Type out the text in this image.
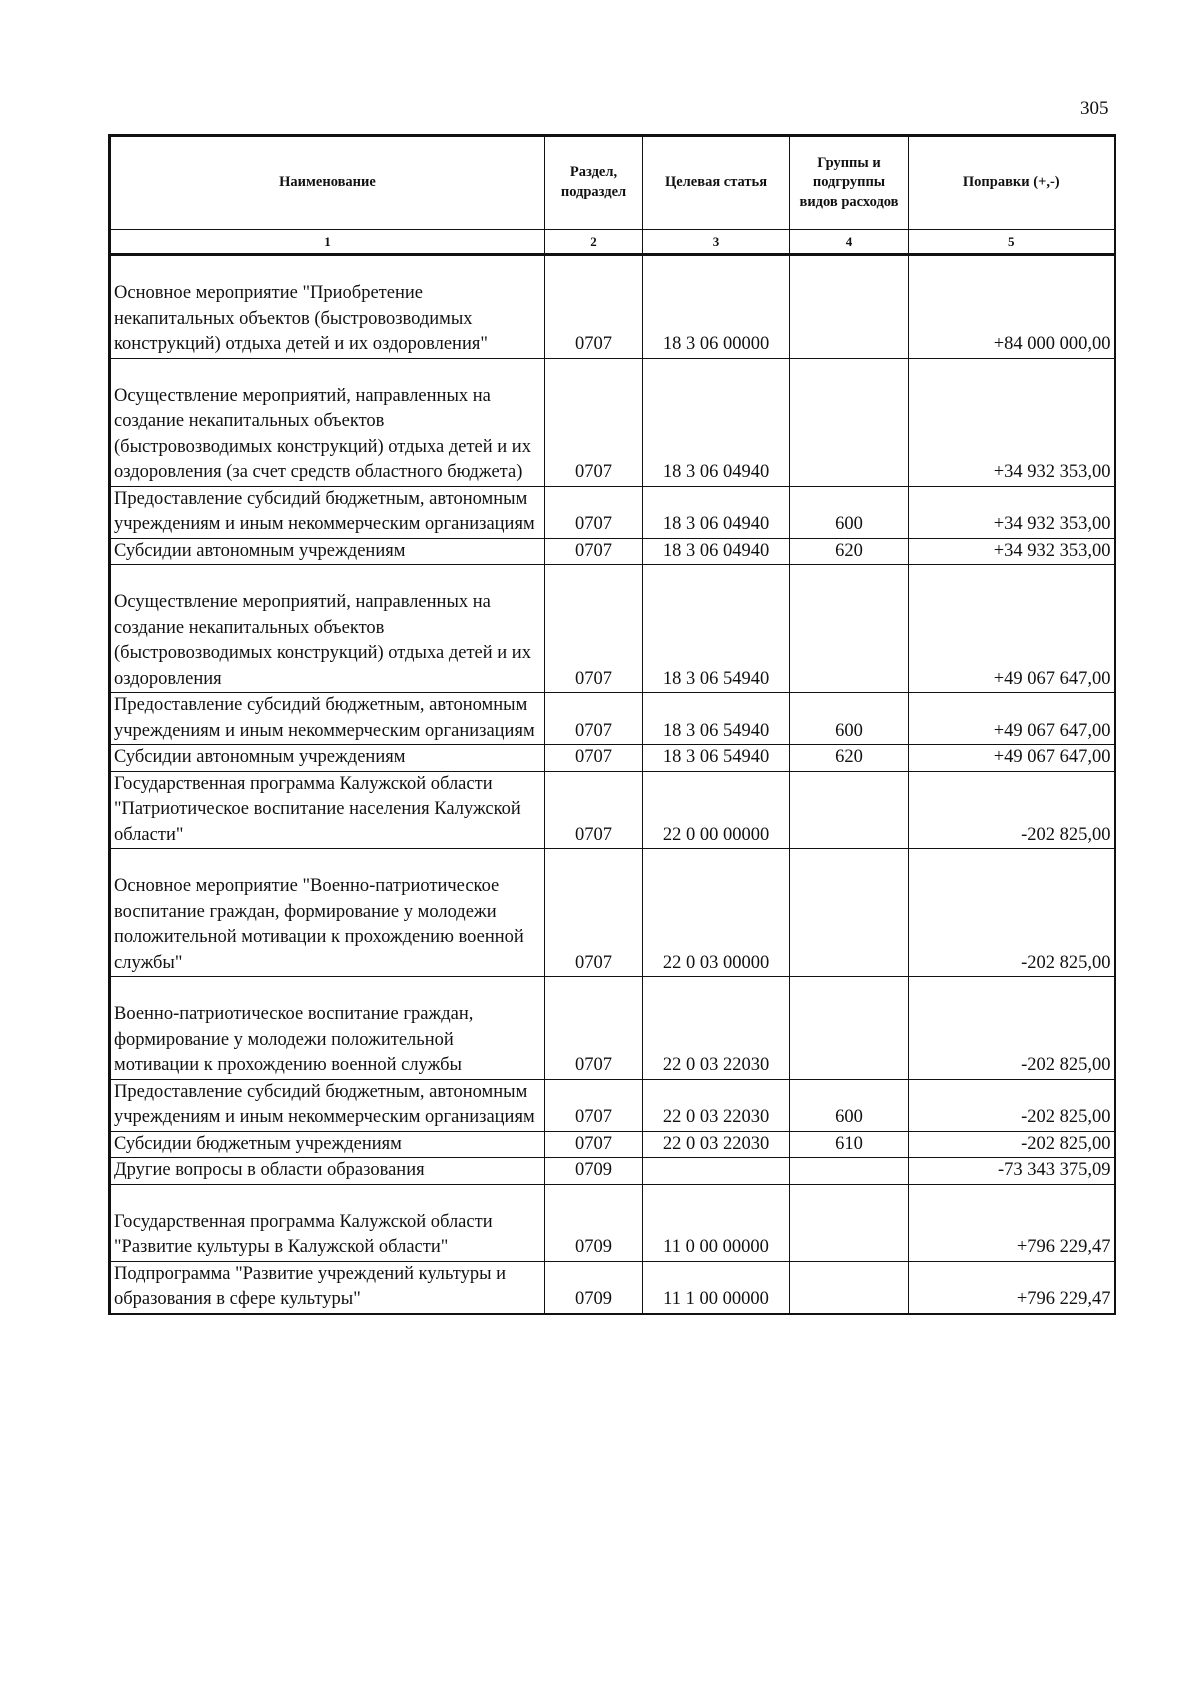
305
Наименование	Раздел, подраздел	Целевая статья	Группы и подгруппы видов расходов	Поправки (+,-)
1	2	3	4	5
Основное мероприятие "Приобретение некапитальных объектов (быстровозводимых конструкций) отдыха детей и их оздоровления"	0707	18 3 06 00000		+84 000 000,00
Осуществление мероприятий, направленных на создание некапитальных объектов (быстровозводимых конструкций) отдыха детей и их оздоровления (за счет средств областного бюджета)	0707	18 3 06 04940		+34 932 353,00
Предоставление субсидий бюджетным, автономным учреждениям и иным некоммерческим организациям	0707	18 3 06 04940	600	+34 932 353,00
Субсидии автономным учреждениям	0707	18 3 06 04940	620	+34 932 353,00
Осуществление мероприятий, направленных на создание некапитальных объектов (быстровозводимых конструкций) отдыха детей и их оздоровления	0707	18 3 06 54940		+49 067 647,00
Предоставление субсидий бюджетным, автономным учреждениям и иным некоммерческим организациям	0707	18 3 06 54940	600	+49 067 647,00
Субсидии автономным учреждениям	0707	18 3 06 54940	620	+49 067 647,00
Государственная программа Калужской области "Патриотическое воспитание населения Калужской области"	0707	22 0 00 00000		-202 825,00
Основное мероприятие "Военно-патриотическое воспитание граждан, формирование у молодежи положительной мотивации к прохождению военной службы"	0707	22 0 03 00000		-202 825,00
Военно-патриотическое воспитание граждан, формирование у молодежи положительной мотивации к прохождению военной службы	0707	22 0 03 22030		-202 825,00
Предоставление субсидий бюджетным, автономным учреждениям и иным некоммерческим организациям	0707	22 0 03 22030	600	-202 825,00
Субсидии бюджетным учреждениям	0707	22 0 03 22030	610	-202 825,00
Другие вопросы в области образования	0709			-73 343 375,09
Государственная программа Калужской области "Развитие культуры в Калужской области"	0709	11 0 00 00000		+796 229,47
Подпрограмма "Развитие учреждений культуры и образования в сфере культуры"	0709	11 1 00 00000		+796 229,47
